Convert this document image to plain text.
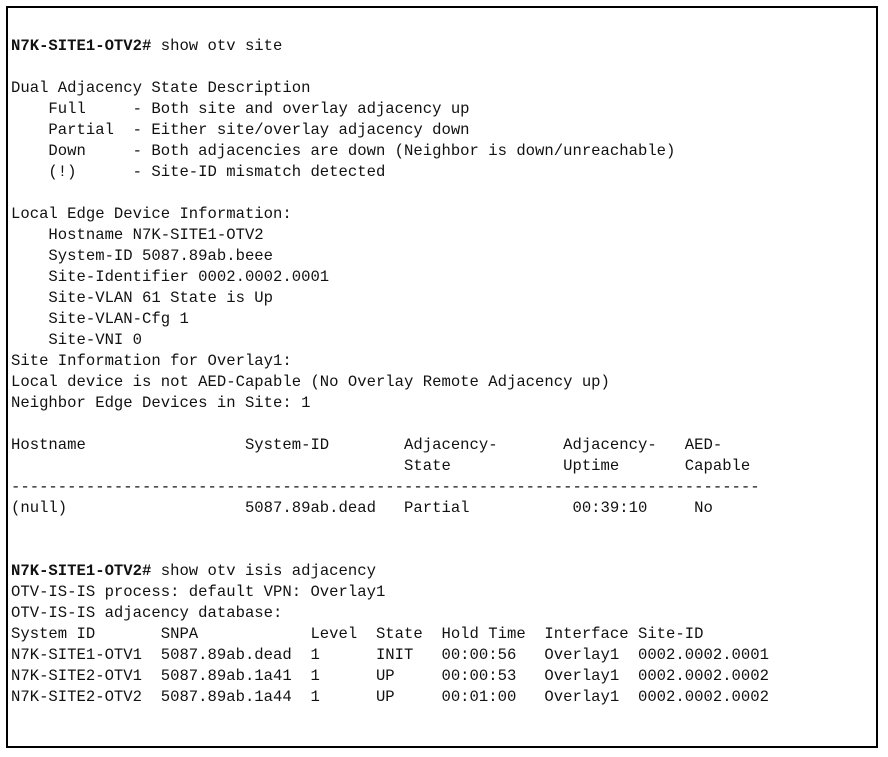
N7K-SITE1-OTV2# show otv site
Dual Adjacency State Description
Full     - Both site and overlay adjacency up
Partial  - Either site/overlay adjacency down
Down     - Both adjacencies are down (Neighbor is down/unreachable)
(!)      - Site-ID mismatch detected
Local Edge Device Information:
Hostname N7K-SITE1-OTV2
System-ID 5087.89ab.beee
Site-Identifier 0002.0002.0001
Site-VLAN 61 State is Up
Site-VLAN-Cfg 1
Site-VNI 0
Site Information for Overlay1:
Local device is not AED-Capable (No Overlay Remote Adjacency up)
Neighbor Edge Devices in Site: 1
Hostname                 System-ID        Adjacency-       Adjacency-   AED-
State            Uptime       Capable
--------------------------------------------------------------------------------
(null)                   5087.89ab.dead   Partial           00:39:10     No
N7K-SITE1-OTV2# show otv isis adjacency
OTV-IS-IS process: default VPN: Overlay1
OTV-IS-IS adjacency database:
System ID       SNPA            Level  State  Hold Time  Interface Site-ID
N7K-SITE1-OTV1  5087.89ab.dead  1      INIT   00:00:56   Overlay1  0002.0002.0001
N7K-SITE2-OTV1  5087.89ab.1a41  1      UP     00:00:53   Overlay1  0002.0002.0002
N7K-SITE2-OTV2  5087.89ab.1a44  1      UP     00:01:00   Overlay1  0002.0002.0002
